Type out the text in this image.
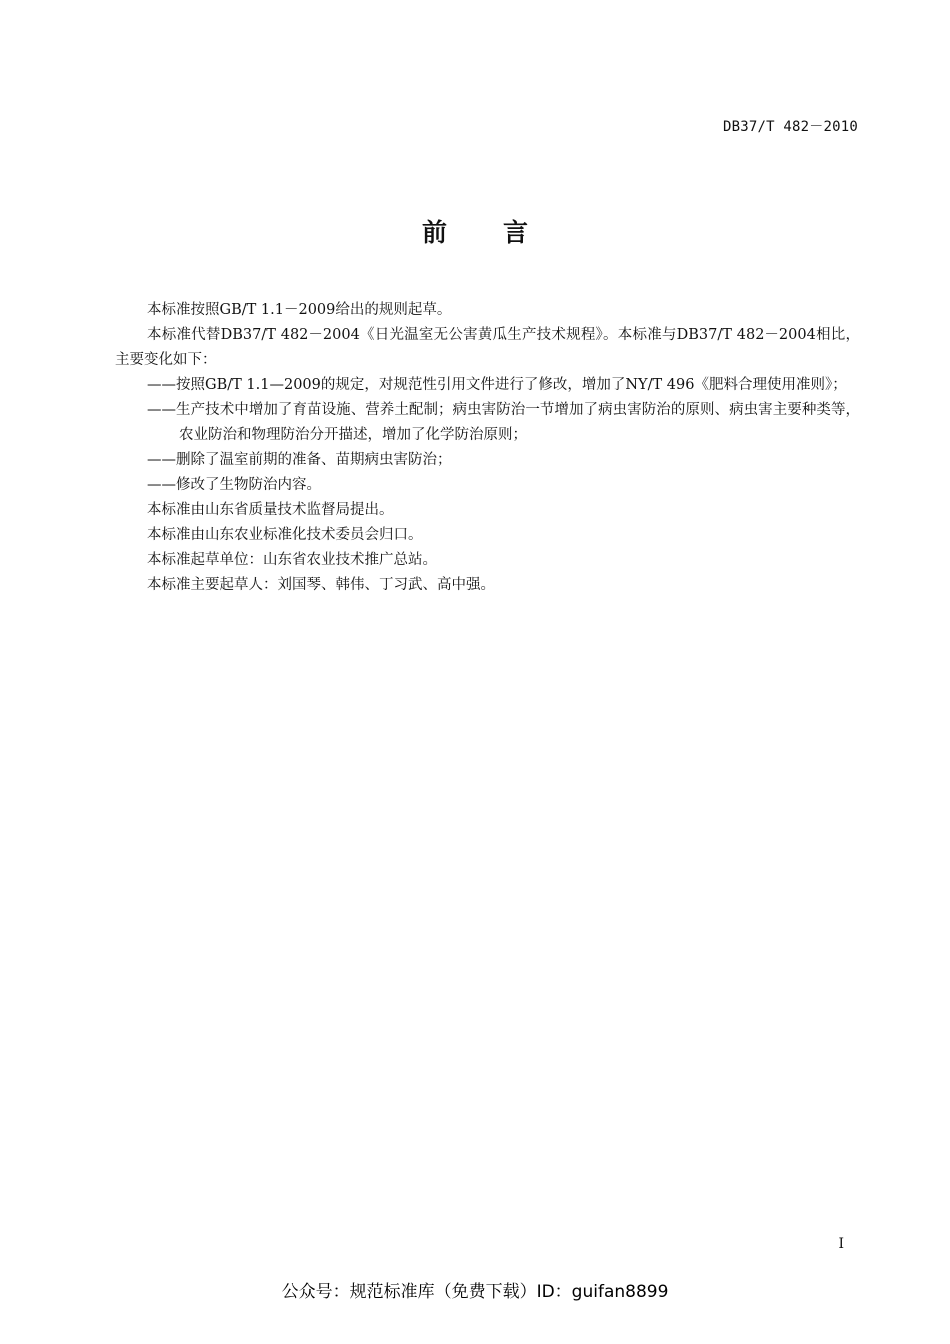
DB37/T 482－2010
前言

本标准按照GB/T 1.1－2009给出的规则起草。

本标准代替DB37/T 482－2004《日光温室无公害黄瓜生产技术规程》。本标准与DB37/T 482－2004相比，主要变化如下：

——按照GB/T 1.1—2009的规定，对规范性引用文件进行了修改，增加了NY/T 496《肥料合理使用准则》；

——生产技术中增加了育苗设施、营养土配制；病虫害防治一节增加了病虫害防治的原则、病虫害主要种类等，农业防治和物理防治分开描述，增加了化学防治原则；

——删除了温室前期的准备、苗期病虫害防治；

——修改了生物防治内容。

本标准由山东省质量技术监督局提出。

本标准由山东农业标准化技术委员会归口。

本标准起草单位：山东省农业技术推广总站。

本标准主要起草人：刘国琴、韩伟、丁习武、高中强。

I
公众号：规范标准库（免费下载）ID：guifan8899
